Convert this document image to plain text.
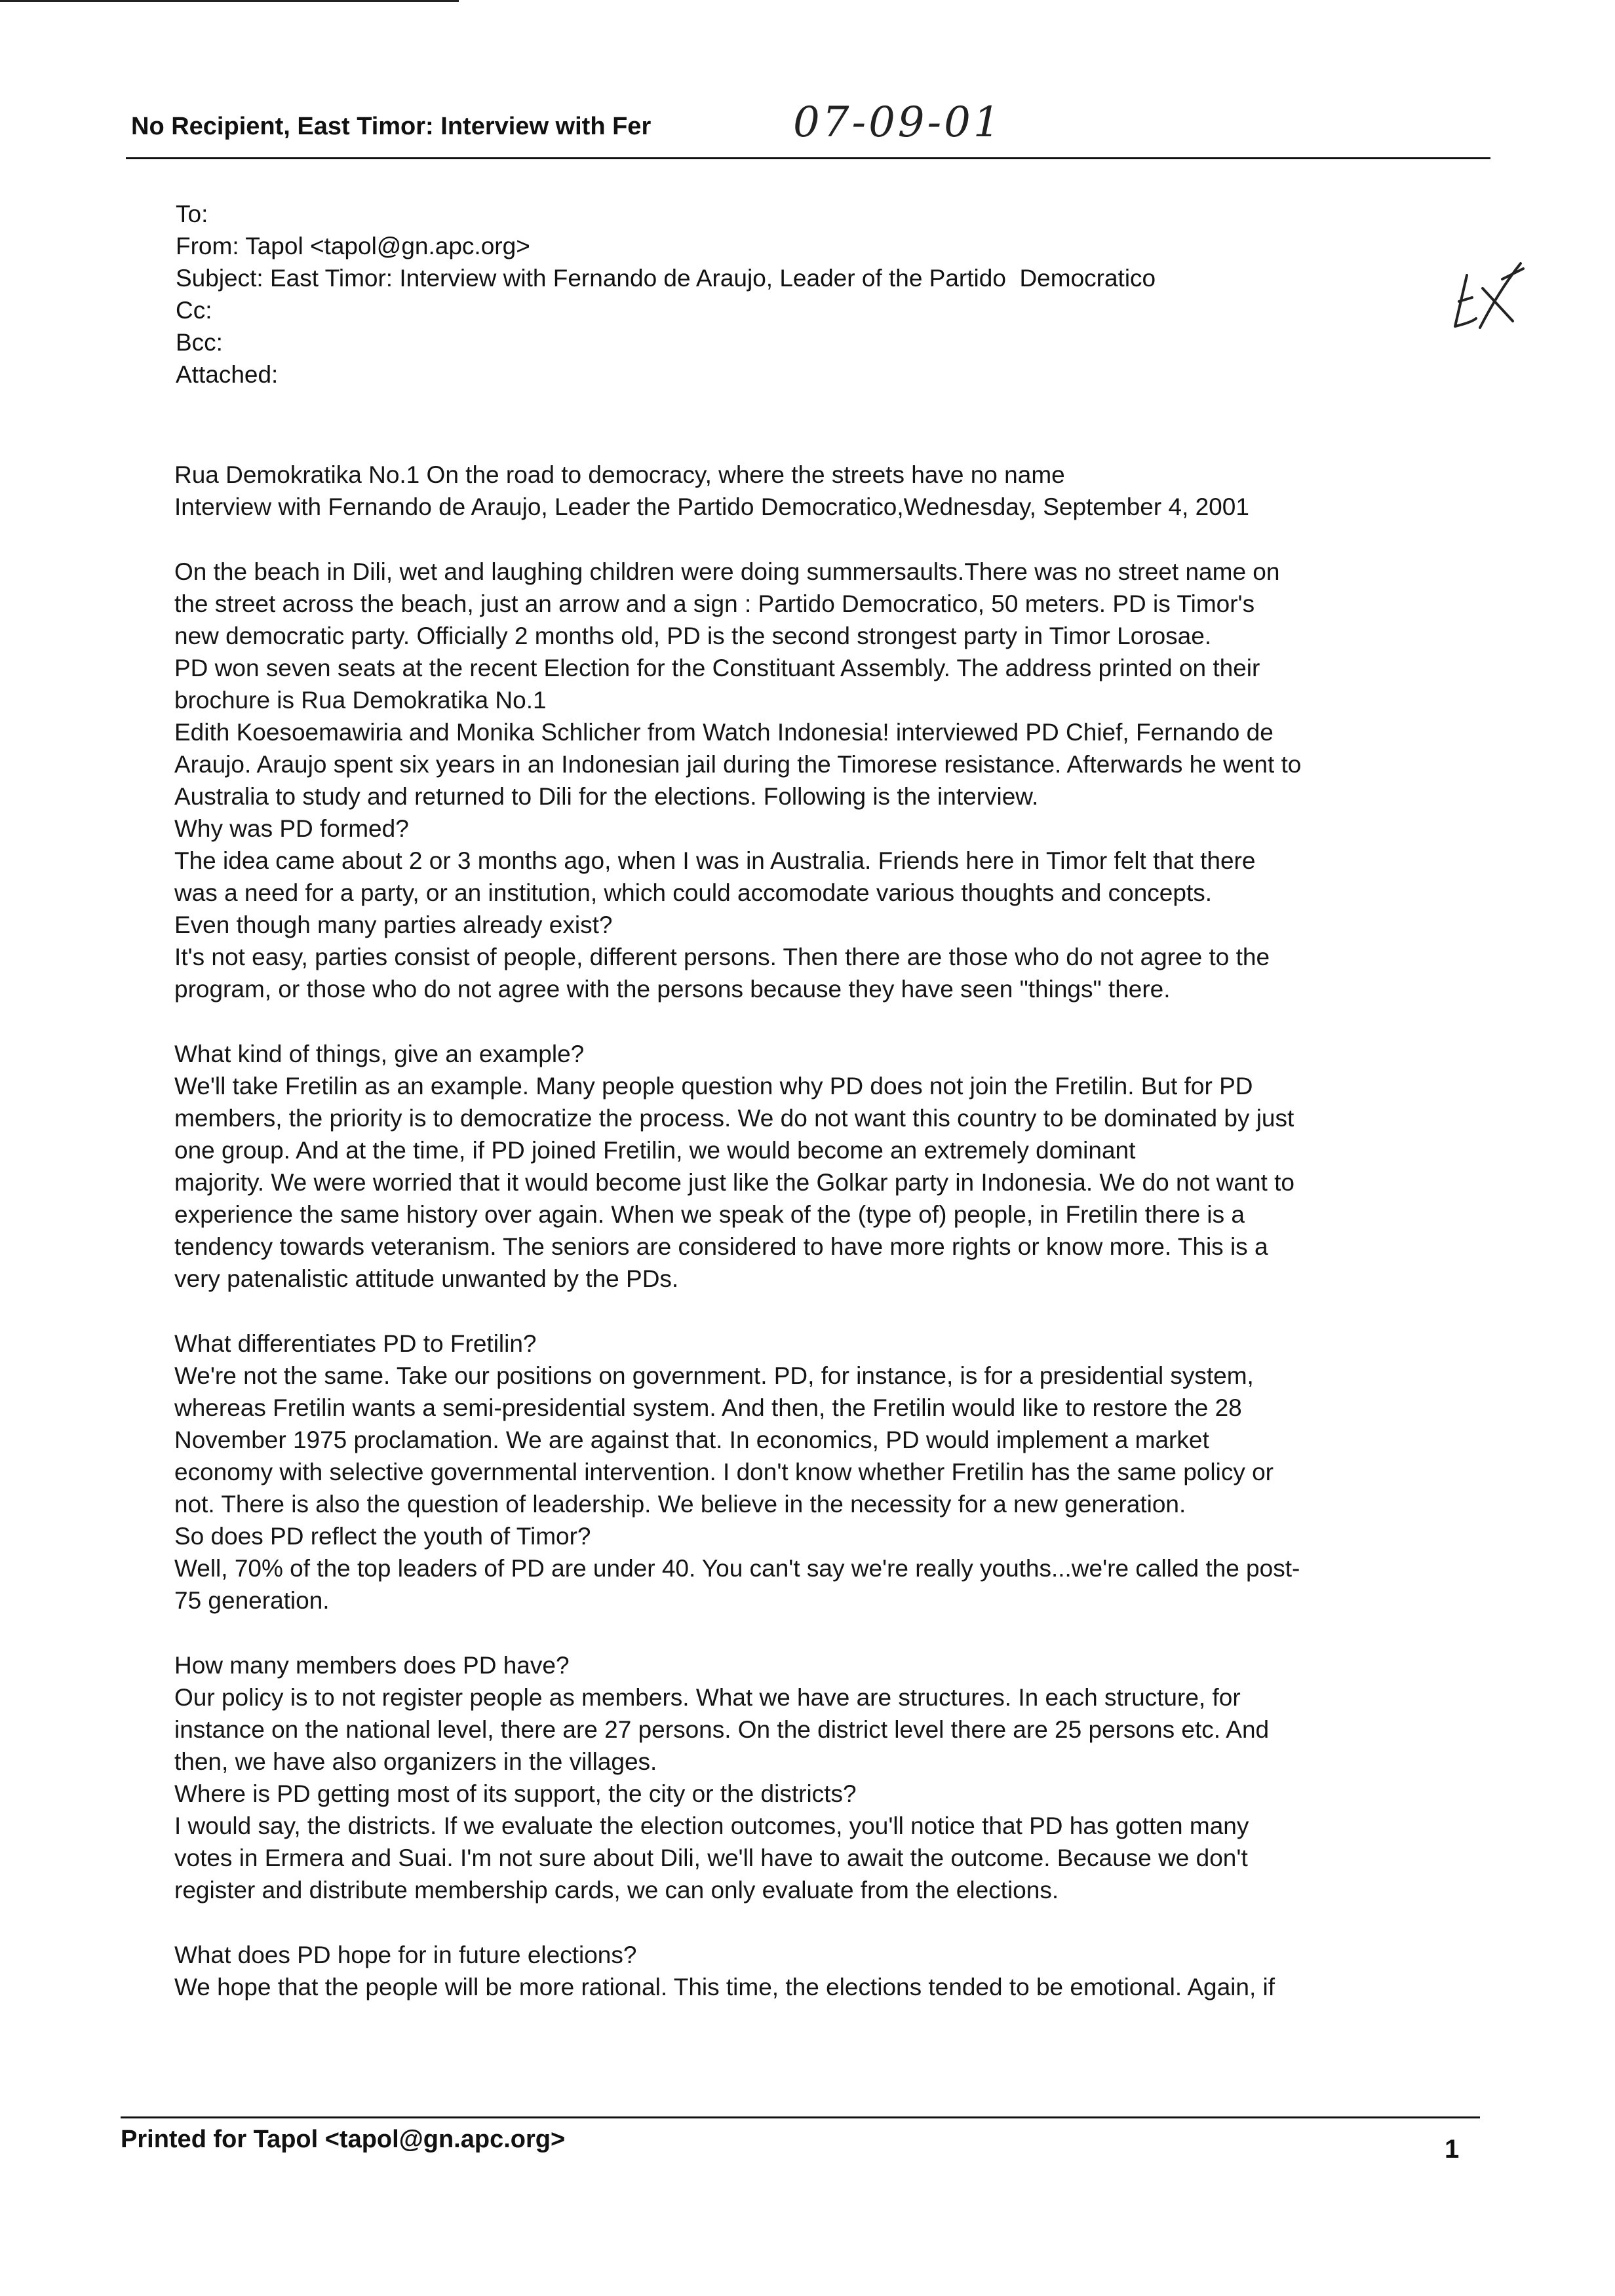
No Recipient, East Timor: Interview with Fer	07-09-01
To:
From: Tapol <tapol@gn.apc.org>
Subject: East Timor: Interview with Fernando de Araujo, Leader of the Partido  Democratico
Cc:
Bcc:
Attached:

Rua Demokratika No.1 On the road to democracy, where the streets have no name

Interview with Fernando de Araujo, Leader the Partido Democratico,Wednesday, September 4, 2001

On the beach in Dili, wet and laughing children were doing summersaults.There was no street name on

the street across the beach, just an arrow and a sign : Partido Democratico, 50 meters. PD is Timor's

new democratic party. Officially 2 months old, PD is the second strongest party in Timor Lorosae.

PD won seven seats at the recent Election for the Constituant Assembly. The address printed on their

brochure is Rua Demokratika No.1

Edith Koesoemawiria and Monika Schlicher from Watch Indonesia! interviewed PD Chief, Fernando de

Araujo. Araujo spent six years in an Indonesian jail during the Timorese resistance. Afterwards he went to

Australia to study and returned to Dili for the elections. Following is the interview.

Why was PD formed?

The idea came about 2 or 3 months ago, when I was in Australia. Friends here in Timor felt that there

was a need for a party, or an institution, which could accomodate various thoughts and concepts.

Even though many parties already exist?

It's not easy, parties consist of people, different persons. Then there are those who do not agree to the

program, or those who do not agree with the persons because they have seen "things" there.

What kind of things, give an example?

We'll take Fretilin as an example. Many people question why PD does not join the Fretilin. But for PD

members, the priority is to democratize the process. We do not want this country to be dominated by just

one group. And at the time, if PD joined Fretilin, we would become an extremely dominant

majority. We were worried that it would become just like the Golkar party in Indonesia. We do not want to

experience the same history over again. When we speak of the (type of) people, in Fretilin there is a

tendency towards veteranism. The seniors are considered to have more rights or know more. This is a

very patenalistic attitude unwanted by the PDs.

What differentiates PD to Fretilin?

We're not the same. Take our positions on government. PD, for instance, is for a presidential system,

whereas Fretilin wants a semi-presidential system. And then, the Fretilin would like to restore the 28

November 1975 proclamation. We are against that. In economics, PD would implement a market

economy with selective governmental intervention. I don't know whether Fretilin has the same policy or

not. There is also the question of leadership. We believe in the necessity for a new generation.

So does PD reflect the youth of Timor?

Well, 70% of the top leaders of PD are under 40. You can't say we're really youths...we're called the post-

75 generation.

How many members does PD have?

Our policy is to not register people as members. What we have are structures. In each structure, for

instance on the national level, there are 27 persons. On the district level there are 25 persons etc. And

then, we have also organizers in the villages.

Where is PD getting most of its support, the city or the districts?

I would say, the districts. If we evaluate the election outcomes, you'll notice that PD has gotten many

votes in Ermera and Suai. I'm not sure about Dili, we'll have to await the outcome. Because we don't

register and distribute membership cards, we can only evaluate from the elections.

What does PD hope for in future elections?

We hope that the people will be more rational. This time, the elections tended to be emotional. Again, if

Printed for Tapol <tapol@gn.apc.org>	1
